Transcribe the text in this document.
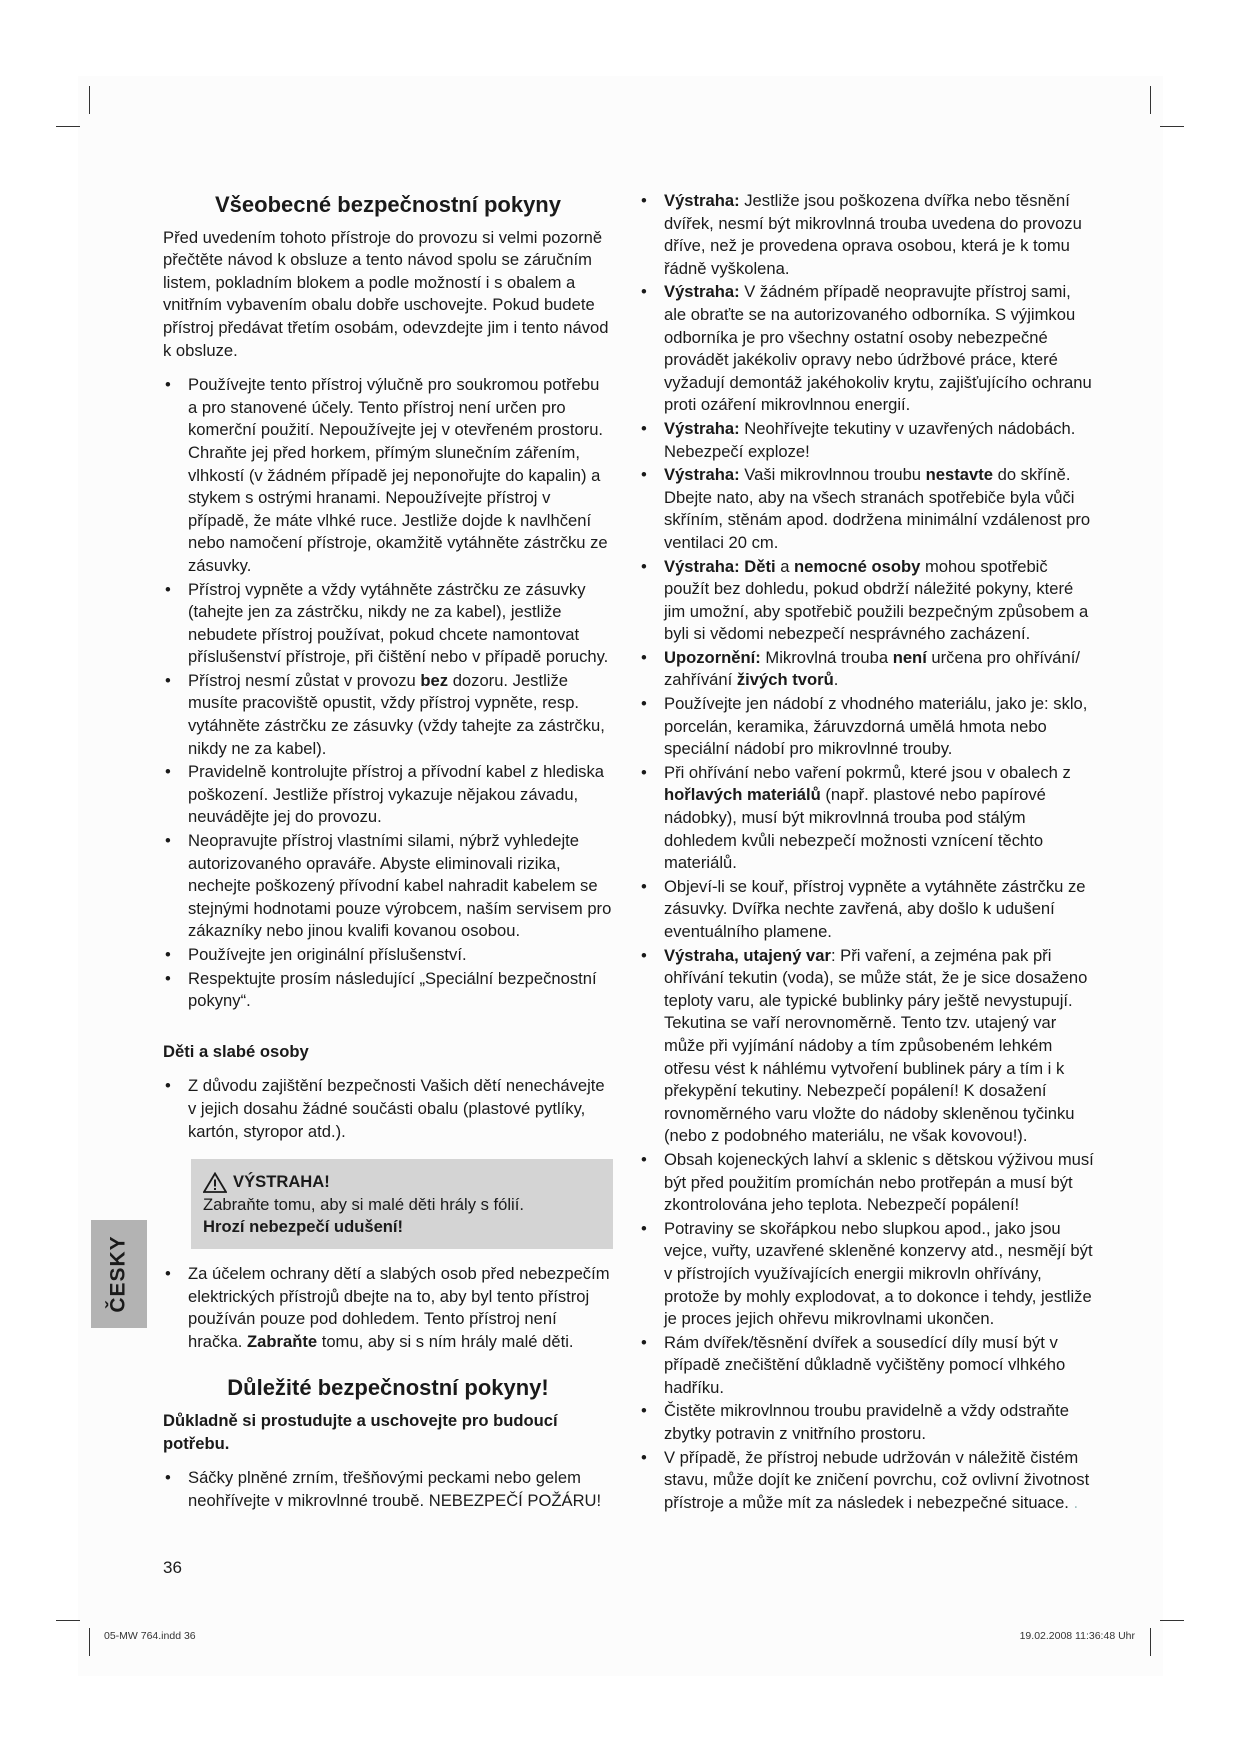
Všeobecné bezpečnostní pokyny

Před uvedením tohoto přístroje do provozu si velmi pozorně přečtěte návod k obsluze a tento návod spolu se záručním listem, pokladním blokem a podle možností i s obalem a vnitřním vybavením obalu dobře uschovejte. Pokud budete přístroj předávat třetím osobám, odevzdejte jim i tento návod k obsluze.

• Používejte tento přístroj výlučně pro soukromou potřebu a pro stanovené účely. Tento přístroj není určen pro komerční použití. Nepoužívejte jej v otevřeném prostoru. Chraňte jej před horkem, přímým slunečním zářením, vlhkostí (v žádném případě jej neponořujte do kapalin) a stykem s ostrými hranami. Nepoužívejte přístroj v případě, že máte vlhké ruce. Jestliže dojde k navlhčení nebo namočení přístroje, okamžitě vytáhněte zástrčku ze zásuvky.
• Přístroj vypněte a vždy vytáhněte zástrčku ze zásuvky (tahejte jen za zástrčku, nikdy ne za kabel), jestliže nebudete přístroj používat, pokud chcete namontovat příslušenství přístroje, při čištění nebo v případě poruchy.
• Přístroj nesmí zůstat v provozu bez dozoru. Jestliže musíte pracoviště opustit, vždy přístroj vypněte, resp. vytáhněte zástrčku ze zásuvky (vždy tahejte za zástrčku, nikdy ne za kabel).
• Pravidelně kontrolujte přístroj a přívodní kabel z hlediska poškození. Jestliže přístroj vykazuje nějakou závadu, neuvádějte jej do provozu.
• Neopravujte přístroj vlastními silami, nýbrž vyhledejte autorizovaného opraváře. Abyste eliminovali rizika, nechejte poškozený přívodní kabel nahradit kabelem se stejnými hodnotami pouze výrobcem, naším servisem pro zákazníky nebo jinou kvalifi kovanou osobou.
• Používejte jen originální příslušenství.
• Respektujte prosím následující „Speciální bezpečnostní pokyny“.
Děti a slabé osoby
• Z důvodu zajištění bezpečnosti Vašich dětí nenechávejte v jejich dosahu žádné součásti obalu (plastové pytlíky, kartón, styropor atd.).
VÝSTRAHA!
Zabraňte tomu, aby si malé děti hrály s fólií.
Hrozí nebezpečí udušení!
• Za účelem ochrany dětí a slabých osob před nebezpečím elektrických přístrojů dbejte na to, aby byl tento přístroj používán pouze pod dohledem. Tento přístroj není hračka. Zabraňte tomu, aby si s ním hrály malé děti.
Důležité bezpečnostní pokyny!
Důkladně si prostudujte a uschovejte pro budoucí potřebu.
• Sáčky plněné zrním, třešňovými peckami nebo gelem neohřívejte v mikrovlnné troubě. NEBEZPEČÍ POŽÁRU!
• Výstraha: Jestliže jsou poškozena dvířka nebo těsnění dvířek, nesmí být mikrovlnná trouba uvedena do provozu dříve, než je provedena oprava osobou, která je k tomu řádně vyškolena.
• Výstraha: V žádném případě neopravujte přístroj sami, ale obraťte se na autorizovaného odborníka. S výjimkou odborníka je pro všechny ostatní osoby nebezpečné provádět jakékoliv opravy nebo údržbové práce, které vyžadují demontáž jakéhokoliv krytu, zajišťujícího ochranu proti ozáření mikrovlnnou energií.
• Výstraha: Neohřívejte tekutiny v uzavřených nádobách. Nebezpečí exploze!
• Výstraha: Vaši mikrovlnnou troubu nestavte do skříně. Dbejte nato, aby na všech stranách spotřebiče byla vůči skříním, stěnám apod. dodržena minimální vzdálenost pro ventilaci 20 cm.
• Výstraha: Děti a nemocné osoby mohou spotřebič použít bez dohledu, pokud obdrží náležité pokyny, které jim umožní, aby spotřebič použili bezpečným způsobem a byli si vědomi nebezpečí nesprávného zacházení.
• Upozornění: Mikrovlná trouba není určena pro ohřívání/ zahřívání živých tvorů.
• Používejte jen nádobí z vhodného materiálu, jako je: sklo, porcelán, keramika, žáruvzdorná umělá hmota nebo speciální nádobí pro mikrovlnné trouby.
• Při ohřívání nebo vaření pokrmů, které jsou v obalech z hořlavých materiálů (např. plastové nebo papírové nádobky), musí být mikrovlnná trouba pod stálým dohledem kvůli nebezpečí možnosti vznícení těchto materiálů.
• Objeví-li se kouř, přístroj vypněte a vytáhněte zástrčku ze zásuvky. Dvířka nechte zavřená, aby došlo k udušení eventuálního plamene.
• Výstraha, utajený var: Při vaření, a zejména pak při ohřívání tekutin (voda), se může stát, že je sice dosaženo teploty varu, ale typické bublinky páry ještě nevystupují. Tekutina se vaří nerovnoměrně. Tento tzv. utajený var může při vyjímání nádoby a tím způsobeném lehkém otřesu vést k náhlému vytvoření bublinek páry a tím i k překypění tekutiny. Nebezpečí popálení! K dosažení rovnoměrného varu vložte do nádoby skleněnou tyčinku (nebo z podobného materiálu, ne však kovovou!).
• Obsah kojeneckých lahví a sklenic s dětskou výživou musí být před použitím promíchán nebo protřepán a musí být zkontrolována jeho teplota. Nebezpečí popálení!
• Potraviny se skořápkou nebo slupkou apod., jako jsou vejce, vuřty, uzavřené skleněné konzervy atd., nesmějí být v přístrojích využívajících energii mikrovln ohřívány, protože by mohly explodovat, a to dokonce i tehdy, jestliže je proces jejich ohřevu mikrovlnami ukončen.
• Rám dvířek/těsnění dvířek a sousedící díly musí být v případě znečištění důkladně vyčištěny pomocí vlhkého hadříku.
• Čistěte mikrovlnnou troubu pravidelně a vždy odstraňte zbytky potravin z vnitřního prostoru.
• V případě, že přístroj nebude udržován v náležitě čistém stavu, může dojít ke zničení povrchu, což ovlivní životnost přístroje a může mít za následek i nebezpečné situace. .
ČESKY
36
05-MW 764.indd 36	19.02.2008 11:36:48 Uhr
